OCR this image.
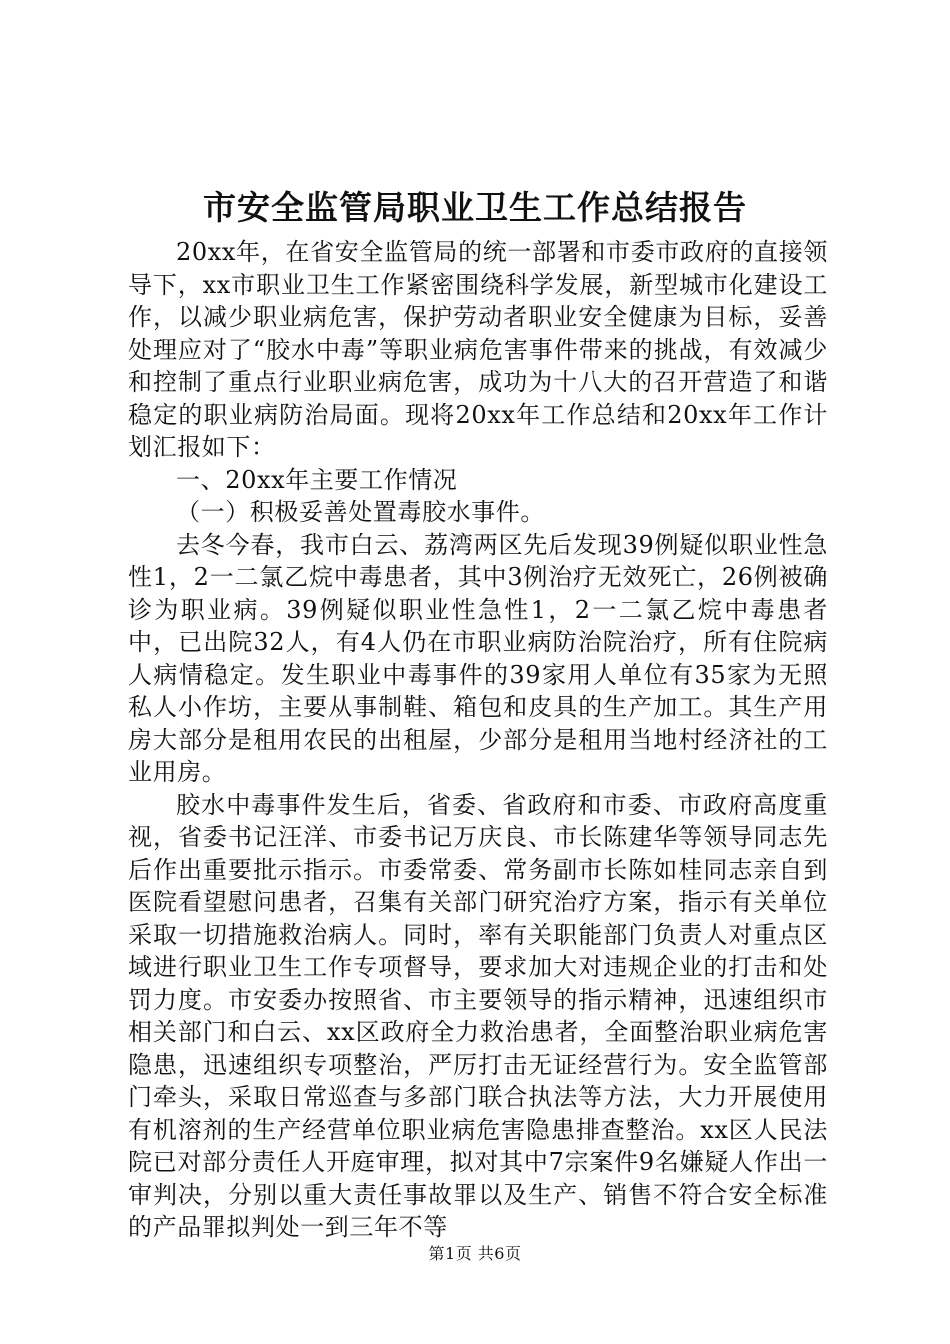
市安全监管局职业卫生工作总结报告

20xx年，在省安全监管局的统一部署和市委市政府的直接领导下，xx市职业卫生工作紧密围绕科学发展，新型城市化建设工作，以减少职业病危害，保护劳动者职业安全健康为目标，妥善处理应对了“胶水中毒”等职业病危害事件带来的挑战，有效减少和控制了重点行业职业病危害，成功为十八大的召开营造了和谐稳定的职业病防治局面。现将20xx年工作总结和20xx年工作计划汇报如下：

一、20xx年主要工作情况

（一）积极妥善处置毒胶水事件。

去冬今春，我市白云、荔湾两区先后发现39例疑似职业性急性1，2一二氯乙烷中毒患者，其中3例治疗无效死亡，26例被确诊为职业病。39例疑似职业性急性1，2一二氯乙烷中毒患者中，已出院32人，有4人仍在市职业病防治院治疗，所有住院病人病情稳定。发生职业中毒事件的39家用人单位有35家为无照私人小作坊，主要从事制鞋、箱包和皮具的生产加工。其生产用房大部分是租用农民的出租屋，少部分是租用当地村经济社的工业用房。

胶水中毒事件发生后，省委、省政府和市委、市政府高度重视，省委书记汪洋、市委书记万庆良、市长陈建华等领导同志先后作出重要批示指示。市委常委、常务副市长陈如桂同志亲自到医院看望慰问患者，召集有关部门研究治疗方案，指示有关单位采取一切措施救治病人。同时，率有关职能部门负责人对重点区域进行职业卫生工作专项督导，要求加大对违规企业的打击和处罚力度。市安委办按照省、市主要领导的指示精神，迅速组织市相关部门和白云、xx区政府全力救治患者，全面整治职业病危害隐患，迅速组织专项整治，严厉打击无证经营行为。安全监管部门牵头，采取日常巡查与多部门联合执法等方法，大力开展使用有机溶剂的生产经营单位职业病危害隐患排查整治。xx区人民法院已对部分责任人开庭审理，拟对其中7宗案件9名嫌疑人作出一审判决，分别以重大责任事故罪以及生产、销售不符合安全标准的产品罪拟判处一到三年不等

第1页 共6页
